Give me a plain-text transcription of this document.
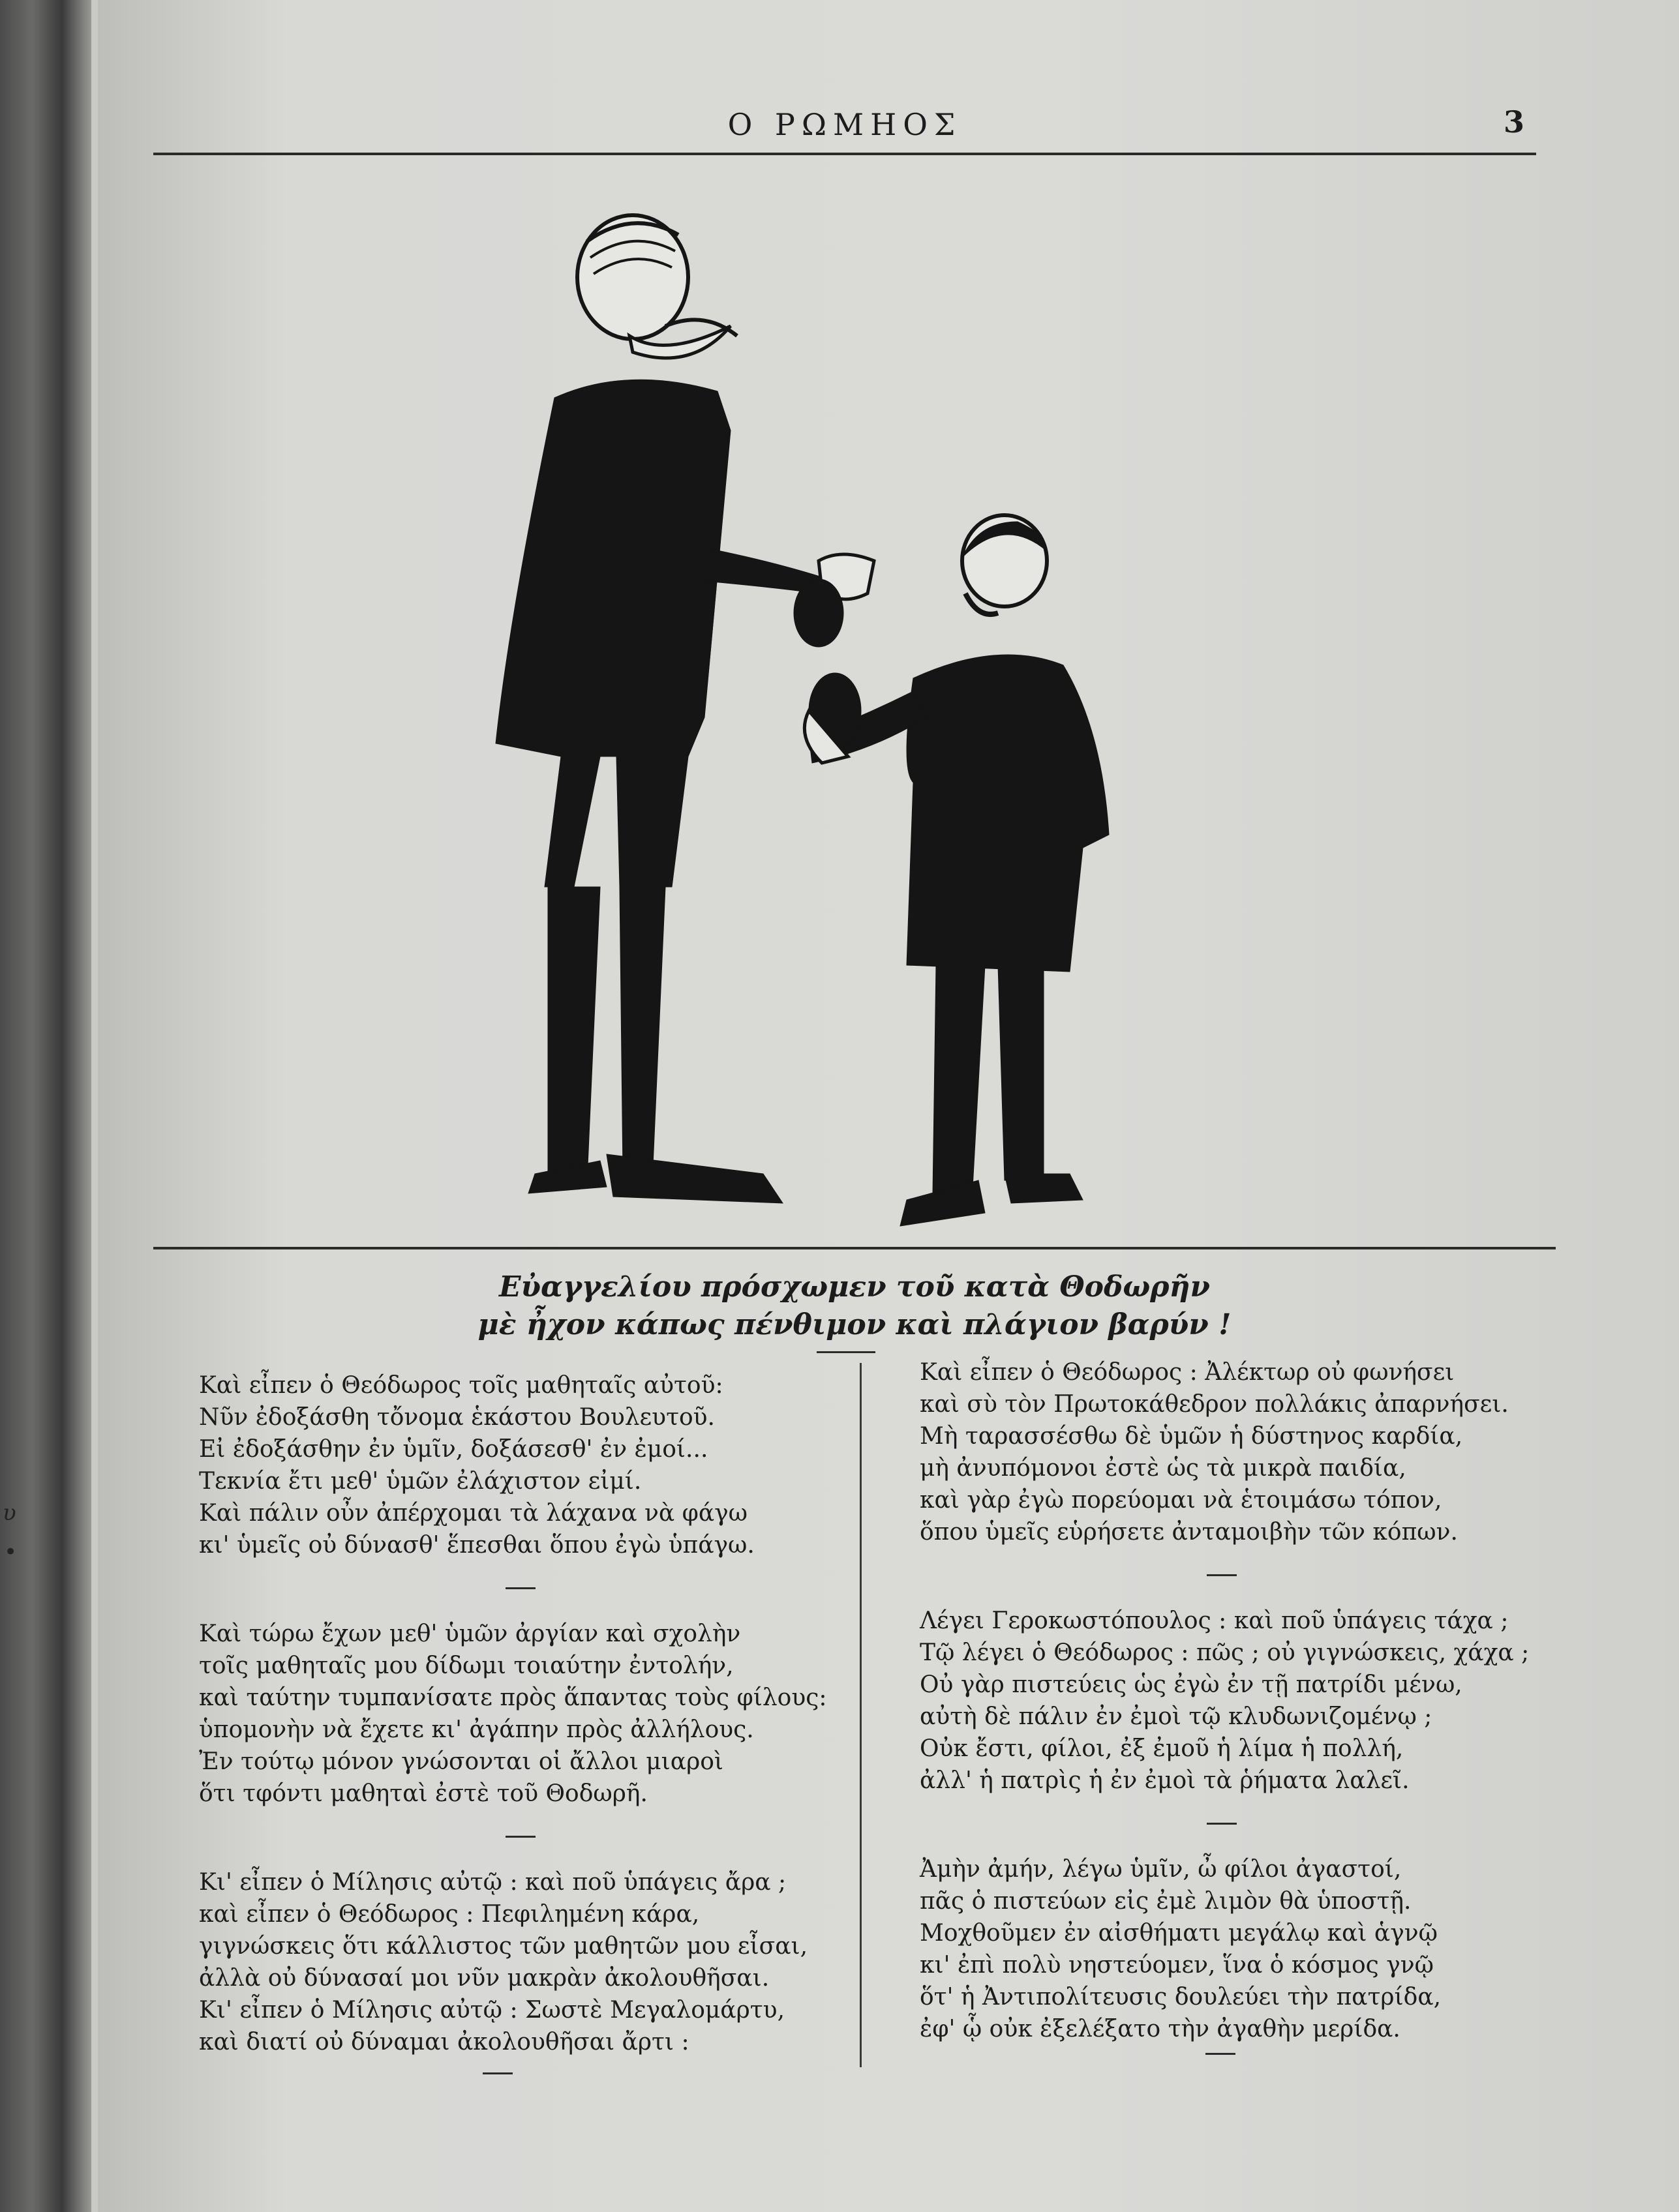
υ
•
Ο ΡΩΜΗΟΣ	3
Εὐαγγελίου πρόσχωμεν τοῦ κατὰ Θοδωρῆν
μὲ ἦχον κάπως πένθιμον καὶ πλάγιον βαρύν !

Καὶ εἶπεν ὁ Θεόδωρος τοῖς μαθηταῖς αὐτοῦ:

Νῦν ἐδοξάσθη τὄνομα ἑκάστου Βουλευτοῦ.

Εἰ ἐδοξάσθην ἐν ὑμῖν, δοξάσεσθ' ἐν ἐμοί...

Τεκνία ἔτι μεθ' ὑμῶν ἐλάχιστον εἰμί.

Καὶ πάλιν οὖν ἀπέρχομαι τὰ λάχανα νὰ φάγω

κι' ὑμεῖς οὐ δύνασθ' ἕπεσθαι ὅπου ἐγὼ ὑπάγω.

Καὶ τώρω ἔχων μεθ' ὑμῶν ἀργίαν καὶ σχολὴν

τοῖς μαθηταῖς μου δίδωμι τοιαύτην ἐντολήν,

καὶ ταύτην τυμπανίσατε πρὸς ἅπαντας τοὺς φίλους:

ὑπομονὴν νὰ ἔχετε κι' ἀγάπην πρὸς ἀλλήλους.

Ἐν τούτῳ μόνον γνώσονται οἱ ἄλλοι μιαροὶ

ὅτι τφόντι μαθηταὶ ἐστὲ τοῦ Θοδωρῆ.

Κι' εἶπεν ὁ Μίλησις αὐτῷ : καὶ ποῦ ὑπάγεις ἄρα ;

καὶ εἶπεν ὁ Θεόδωρος : Πεφιλημένη κάρα,

γιγνώσκεις ὅτι κάλλιστος τῶν μαθητῶν μου εἶσαι,

ἀλλὰ οὐ δύνασαί μοι νῦν μακρὰν ἀκολουθῆσαι.

Κι' εἶπεν ὁ Μίλησις αὐτῷ : Σωστὲ Μεγαλομάρτυ,

καὶ διατί οὐ δύναμαι ἀκολουθῆσαι ἄρτι :

Καὶ εἶπεν ὁ Θεόδωρος : Ἀλέκτωρ οὐ φωνήσει

καὶ σὺ τὸν Πρωτοκάθεδρον πολλάκις ἀπαρνήσει.

Μὴ ταρασσέσθω δὲ ὑμῶν ἡ δύστηνος καρδία,

μὴ ἀνυπόμονοι ἐστὲ ὡς τὰ μικρὰ παιδία,

καὶ γὰρ ἐγὼ πορεύομαι νὰ ἑτοιμάσω τόπον,

ὅπου ὑμεῖς εὑρήσετε ἀνταμοιβὴν τῶν κόπων.

Λέγει Γεροκωστόπουλος : καὶ ποῦ ὑπάγεις τάχα ;

Τῷ λέγει ὁ Θεόδωρος : πῶς ; οὐ γιγνώσκεις, χάχα ;

Οὐ γὰρ πιστεύεις ὡς ἐγὼ ἐν τῇ πατρίδι μένω,

αὐτὴ δὲ πάλιν ἐν ἐμοὶ τῷ κλυδωνιζομένῳ ;

Οὐκ ἔστι, φίλοι, ἐξ ἐμοῦ ἡ λίμα ἡ πολλή,

ἀλλ' ἡ πατρὶς ἡ ἐν ἐμοὶ τὰ ῥήματα λαλεῖ.

Ἀμὴν ἀμήν, λέγω ὑμῖν, ὦ φίλοι ἀγαστοί,

πᾶς ὁ πιστεύων εἰς ἐμὲ λιμὸν θὰ ὑποστῇ.

Μοχθοῦμεν ἐν αἰσθήματι μεγάλῳ καὶ ἁγνῷ

κι' ἐπὶ πολὺ νηστεύομεν, ἵνα ὁ κόσμος γνῷ

ὅτ' ἡ Ἀντιπολίτευσις δουλεύει τὴν πατρίδα,

ἐφ' ᾧ οὐκ ἐξελέξατο τὴν ἀγαθὴν μερίδα.
